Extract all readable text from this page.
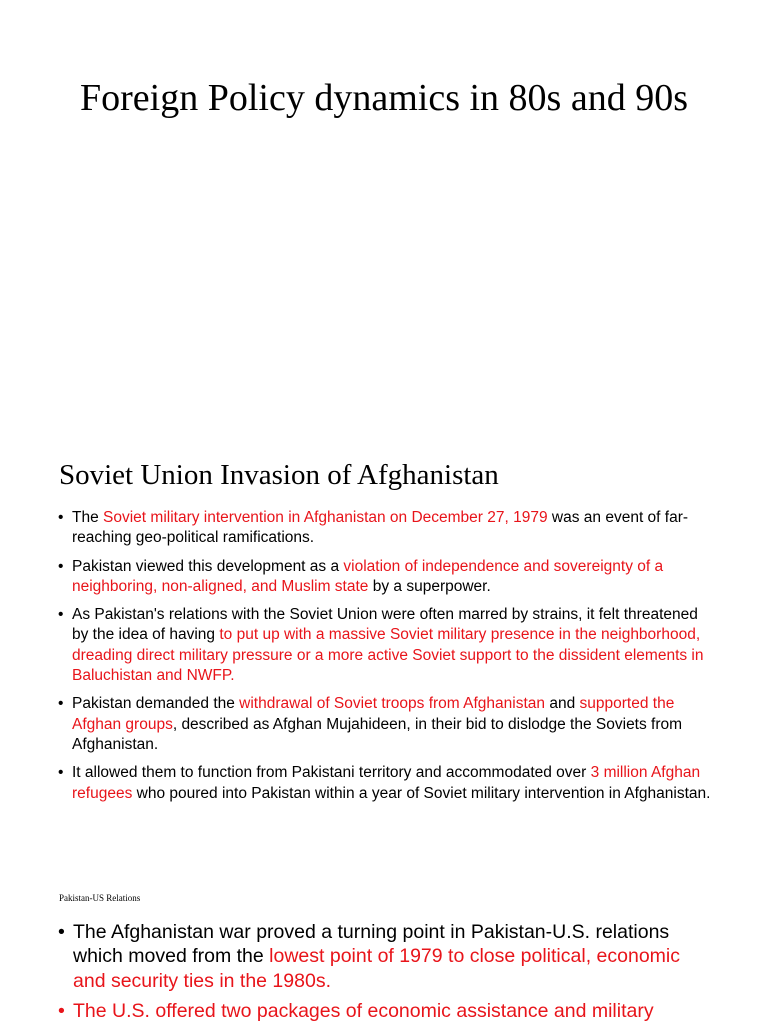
Foreign Policy dynamics in 80s and 90s
Soviet Union Invasion of Afghanistan
• The Soviet military intervention in Afghanistan on December 27, 1979 was an event of far-reaching geo-political ramifications.
• Pakistan viewed this development as a violation of independence and sovereignty of a neighboring, non-aligned, and Muslim state by a superpower.
• As Pakistan's relations with the Soviet Union were often marred by strains, it felt threatened by the idea of having to put up with a massive Soviet military presence in the neighborhood, dreading direct military pressure or a more active Soviet support to the dissident elements in Baluchistan and NWFP.
• Pakistan demanded the withdrawal of Soviet troops from Afghanistan and supported the Afghan groups, described as Afghan Mujahideen, in their bid to dislodge the Soviets from Afghanistan.
• It allowed them to function from Pakistani territory and accommodated over 3 million Afghan refugees who poured into Pakistan within a year of Soviet military intervention in Afghanistan.
Pakistan-US Relations
• The Afghanistan war proved a turning point in Pakistan-U.S. relations which moved from the lowest point of 1979 to close political, economic and security ties in the 1980s.
• The U.S. offered two packages of economic assistance and military
